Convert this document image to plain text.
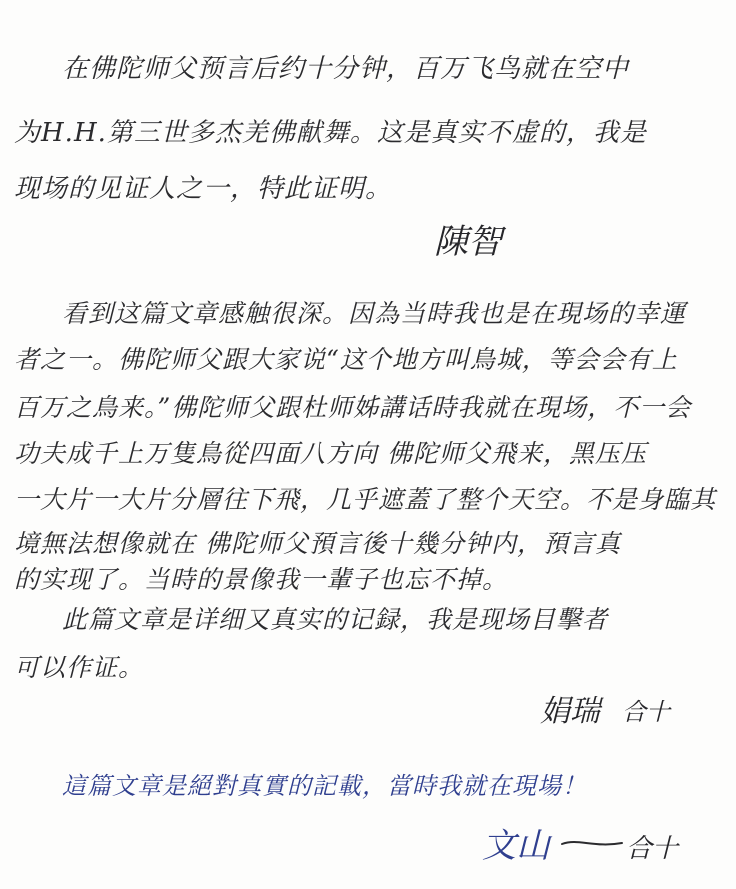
在佛陀师父预言后约十分钟，百万飞鸟就在空中
为H.H.第三世多杰羌佛献舞。这是真实不虚的，我是
现场的见证人之一，特此证明。
陳智
看到这篇文章感触很深。因為当時我也是在現场的幸運
者之一。佛陀师父跟大家说“这个地方叫鳥城，等会会有上
百万之鳥来。”佛陀师父跟杜师姊講话時我就在現场，不一会
功夫成千上万隻鳥從四面八方向 佛陀师父飛来，黑压压
一大片一大片分層往下飛，几乎遮蓋了整个天空。不是身臨其
境無法想像就在 佛陀师父預言後十幾分钟内，預言真
的实现了。当時的景像我一輩子也忘不掉。
此篇文章是详细又真实的记録，我是现场目擊者
可以作证。
娟瑞 合十
這篇文章是絕對真實的記載，當時我就在現場！
文山	合十
